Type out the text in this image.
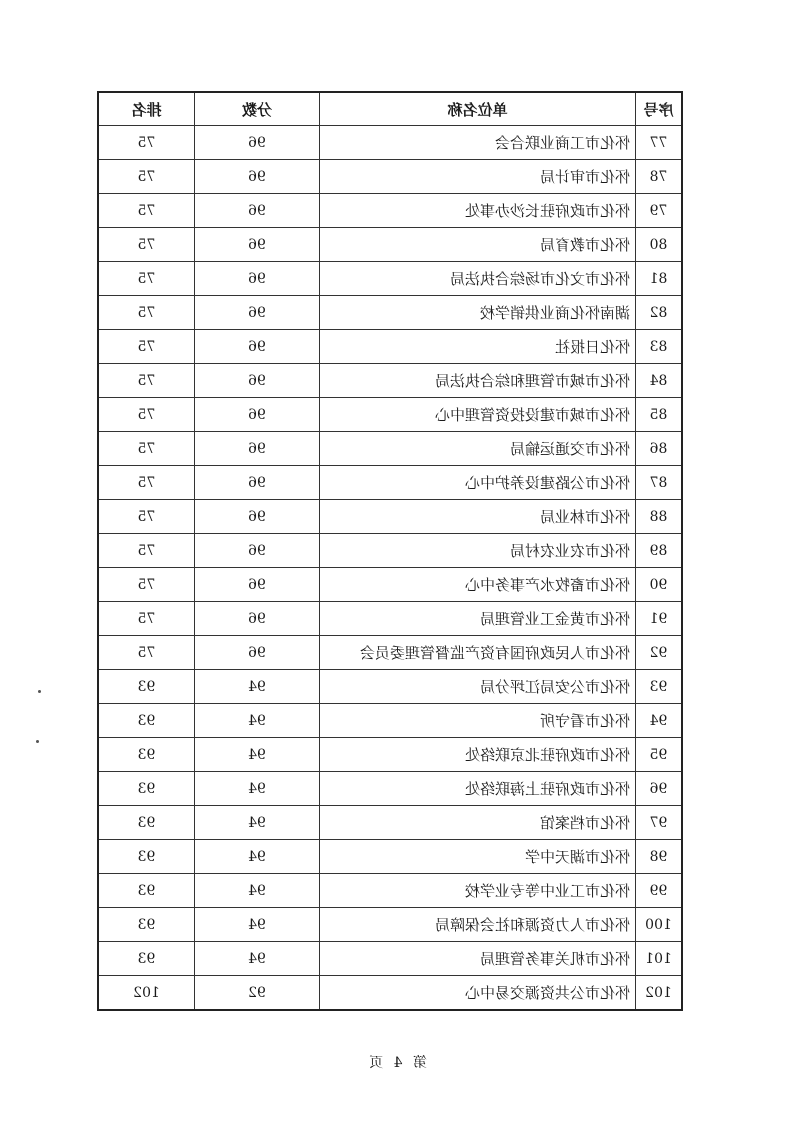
序号	单位名称	分数	排名
77	怀化市工商业联合会	96	75
78	怀化市审计局	96	75
79	怀化市政府驻长沙办事处	96	75
80	怀化市教育局	96	75
81	怀化市文化市场综合执法局	96	75
82	湖南怀化商业供销学校	96	75
83	怀化日报社	96	75
84	怀化市城市管理和综合执法局	96	75
85	怀化市城市建设投资管理中心	96	75
86	怀化市交通运输局	96	75
87	怀化市公路建设养护中心	96	75
88	怀化市林业局	96	75
89	怀化市农业农村局	96	75
90	怀化市畜牧水产事务中心	96	75
91	怀化市黄金工业管理局	96	75
92	怀化市人民政府国有资产监督管理委员会	96	75
93	怀化市公安局江坪分局	94	93
94	怀化市看守所	94	93
95	怀化市政府驻北京联络处	94	93
96	怀化市政府驻上海联络处	94	93
97	怀化市档案馆	94	93
98	怀化市湖天中学	94	93
99	怀化市工业中等专业学校	94	93
100	怀化市人力资源和社会保障局	94	93
101	怀化市机关事务管理局	94	93
102	怀化市公共资源交易中心	92	102
第 4 页
